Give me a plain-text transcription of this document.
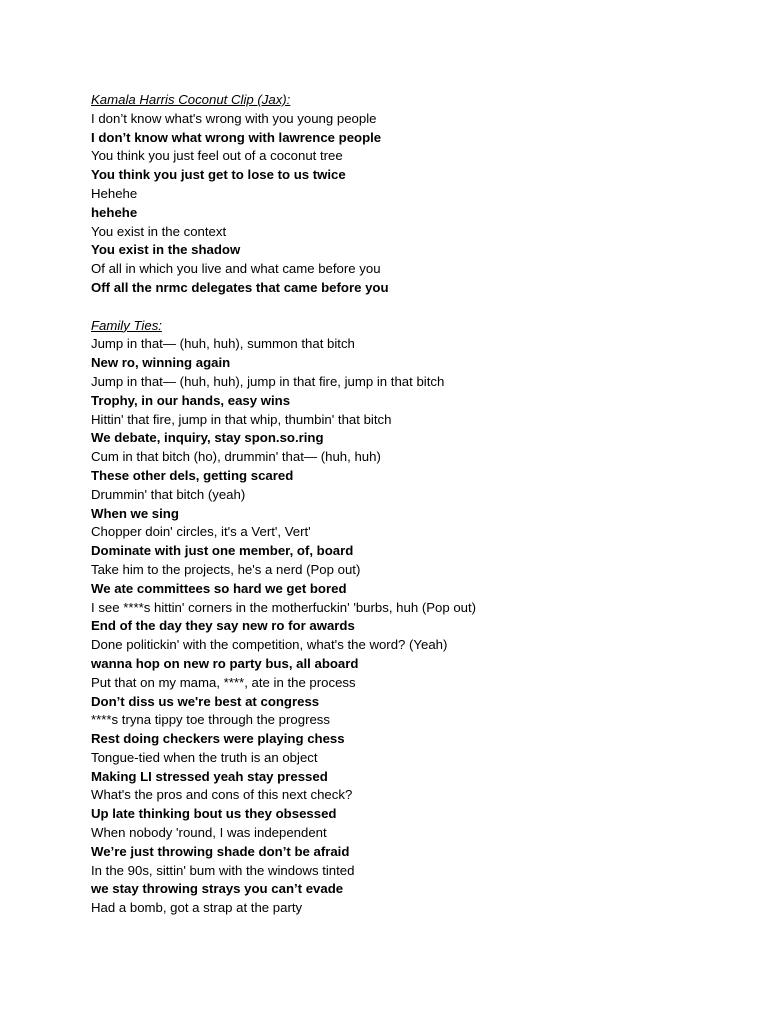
Kamala Harris Coconut Clip (Jax):
I don’t know what's wrong with you young people
I don’t know what wrong with lawrence people
You think you just feel out of a coconut tree
You think you just get to lose to us twice
Hehehe
hehehe
You exist in the context
You exist in the shadow
Of all in which you live and what came before you
Off all the nrmc delegates that came before you
Family Ties:
Jump in that— (huh, huh), summon that bitch
New ro, winning again
Jump in that— (huh, huh), jump in that fire, jump in that bitch
Trophy, in our hands, easy wins
Hittin' that fire, jump in that whip, thumbin' that bitch
We debate, inquiry, stay spon.so.ring
Cum in that bitch (ho), drummin' that— (huh, huh)
These other dels, getting scared
Drummin' that bitch (yeah)
When we sing
Chopper doin' circles, it's a Vert', Vert'
Dominate with just one member, of, board
Take him to the projects, he's a nerd (Pop out)
We ate committees so hard we get bored
I see ****s hittin' corners in the motherfuckin' 'burbs, huh (Pop out)
End of the day they say new ro for awards
Done politickin' with the competition, what's the word? (Yeah)
wanna hop on new ro party bus, all aboard
Put that on my mama, ****, ate in the process
Don’t diss us we're best at congress
****s tryna tippy toe through the progress
Rest doing checkers were playing chess
Tongue-tied when the truth is an object
Making LI stressed yeah stay pressed
What's the pros and cons of this next check?
Up late thinking bout us they obsessed
When nobody 'round, I was independent
We’re just throwing shade don’t be afraid
In the 90s, sittin' bum with the windows tinted
we stay throwing strays you can’t evade
Had a bomb, got a strap at the party
